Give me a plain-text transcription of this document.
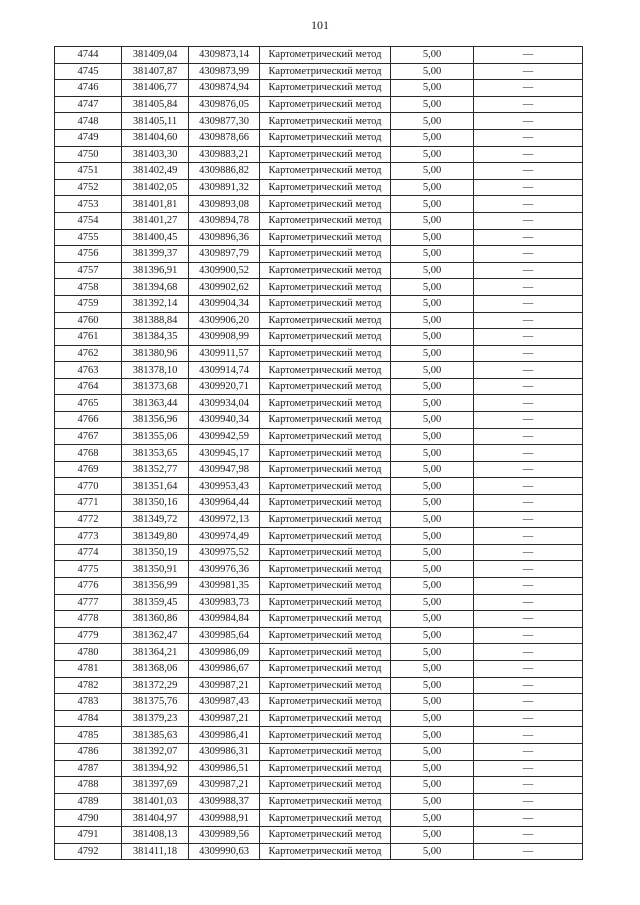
101
4744	381409,04	4309873,14	Картометрический метод	5,00	—
4745	381407,87	4309873,99	Картометрический метод	5,00	—
4746	381406,77	4309874,94	Картометрический метод	5,00	—
4747	381405,84	4309876,05	Картометрический метод	5,00	—
4748	381405,11	4309877,30	Картометрический метод	5,00	—
4749	381404,60	4309878,66	Картометрический метод	5,00	—
4750	381403,30	4309883,21	Картометрический метод	5,00	—
4751	381402,49	4309886,82	Картометрический метод	5,00	—
4752	381402,05	4309891,32	Картометрический метод	5,00	—
4753	381401,81	4309893,08	Картометрический метод	5,00	—
4754	381401,27	4309894,78	Картометрический метод	5,00	—
4755	381400,45	4309896,36	Картометрический метод	5,00	—
4756	381399,37	4309897,79	Картометрический метод	5,00	—
4757	381396,91	4309900,52	Картометрический метод	5,00	—
4758	381394,68	4309902,62	Картометрический метод	5,00	—
4759	381392,14	4309904,34	Картометрический метод	5,00	—
4760	381388,84	4309906,20	Картометрический метод	5,00	—
4761	381384,35	4309908,99	Картометрический метод	5,00	—
4762	381380,96	4309911,57	Картометрический метод	5,00	—
4763	381378,10	4309914,74	Картометрический метод	5,00	—
4764	381373,68	4309920,71	Картометрический метод	5,00	—
4765	381363,44	4309934,04	Картометрический метод	5,00	—
4766	381356,96	4309940,34	Картометрический метод	5,00	—
4767	381355,06	4309942,59	Картометрический метод	5,00	—
4768	381353,65	4309945,17	Картометрический метод	5,00	—
4769	381352,77	4309947,98	Картометрический метод	5,00	—
4770	381351,64	4309953,43	Картометрический метод	5,00	—
4771	381350,16	4309964,44	Картометрический метод	5,00	—
4772	381349,72	4309972,13	Картометрический метод	5,00	—
4773	381349,80	4309974,49	Картометрический метод	5,00	—
4774	381350,19	4309975,52	Картометрический метод	5,00	—
4775	381350,91	4309976,36	Картометрический метод	5,00	—
4776	381356,99	4309981,35	Картометрический метод	5,00	—
4777	381359,45	4309983,73	Картометрический метод	5,00	—
4778	381360,86	4309984,84	Картометрический метод	5,00	—
4779	381362,47	4309985,64	Картометрический метод	5,00	—
4780	381364,21	4309986,09	Картометрический метод	5,00	—
4781	381368,06	4309986,67	Картометрический метод	5,00	—
4782	381372,29	4309987,21	Картометрический метод	5,00	—
4783	381375,76	4309987,43	Картометрический метод	5,00	—
4784	381379,23	4309987,21	Картометрический метод	5,00	—
4785	381385,63	4309986,41	Картометрический метод	5,00	—
4786	381392,07	4309986,31	Картометрический метод	5,00	—
4787	381394,92	4309986,51	Картометрический метод	5,00	—
4788	381397,69	4309987,21	Картометрический метод	5,00	—
4789	381401,03	4309988,37	Картометрический метод	5,00	—
4790	381404,97	4309988,91	Картометрический метод	5,00	—
4791	381408,13	4309989,56	Картометрический метод	5,00	—
4792	381411,18	4309990,63	Картометрический метод	5,00	—
